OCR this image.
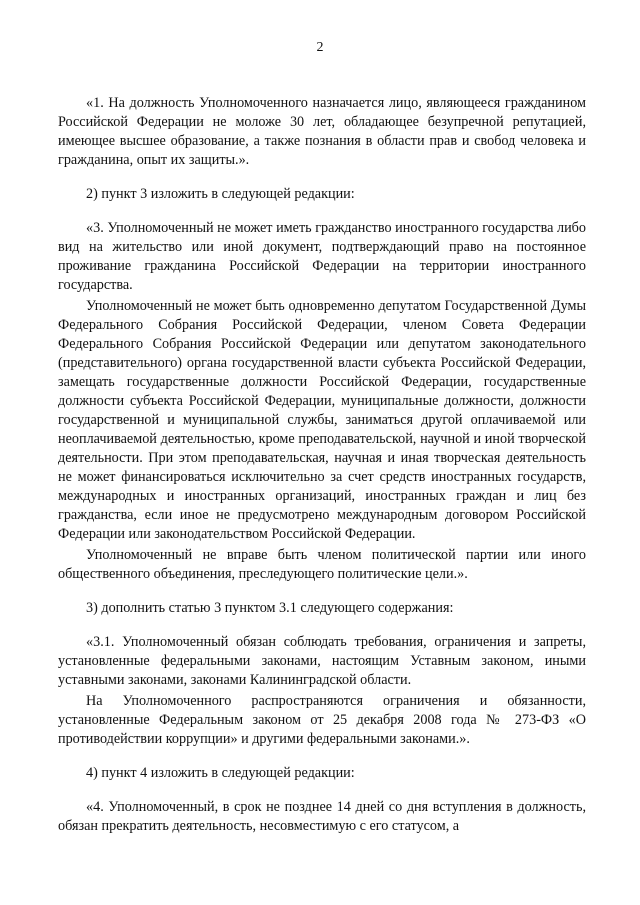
2

«1. На должность Уполномоченного назначается лицо, являющееся гражданином Российской Федерации не моложе 30 лет, обладающее безупречной репутацией, имеющее высшее образование, а также познания в области прав и свобод человека и гражданина, опыт их защиты.».

2) пункт 3 изложить в следующей редакции:

«3. Уполномоченный не может иметь гражданство иностранного государства либо вид на жительство или иной документ, подтверждающий право на постоянное проживание гражданина Российской Федерации на территории иностранного государства.

Уполномоченный не может быть одновременно депутатом Государственной Думы Федерального Собрания Российской Федерации, членом Совета Федерации Федерального Собрания Российской Федерации или депутатом законодательного (представительного) органа государственной власти субъекта Российской Федерации, замещать государственные должности Российской Федерации, государственные должности субъекта Российской Федерации, муниципальные должности, должности государственной и муниципальной службы, заниматься другой оплачиваемой или неоплачиваемой деятельностью, кроме преподавательской, научной и иной творческой деятельности. При этом преподавательская, научная и иная творческая деятельность не может финансироваться исключительно за счет средств иностранных государств, международных и иностранных организаций, иностранных граждан и лиц без гражданства, если иное не предусмотрено международным договором Российской Федерации или законодательством Российской Федерации.

Уполномоченный не вправе быть членом политической партии или иного общественного объединения, преследующего политические цели.».

3) дополнить статью 3 пунктом 3.1 следующего содержания:

«3.1. Уполномоченный обязан соблюдать требования, ограничения и запреты, установленные федеральными законами, настоящим Уставным законом, иными уставными законами, законами Калининградской области.

На Уполномоченного распространяются ограничения и обязанности, установленные Федеральным законом от 25 декабря 2008 года № 273-ФЗ «О противодействии коррупции» и другими федеральными законами.».

4) пункт 4 изложить в следующей редакции:

«4. Уполномоченный, в срок не позднее 14 дней со дня вступления в должность, обязан прекратить деятельность, несовместимую с его статусом, а
